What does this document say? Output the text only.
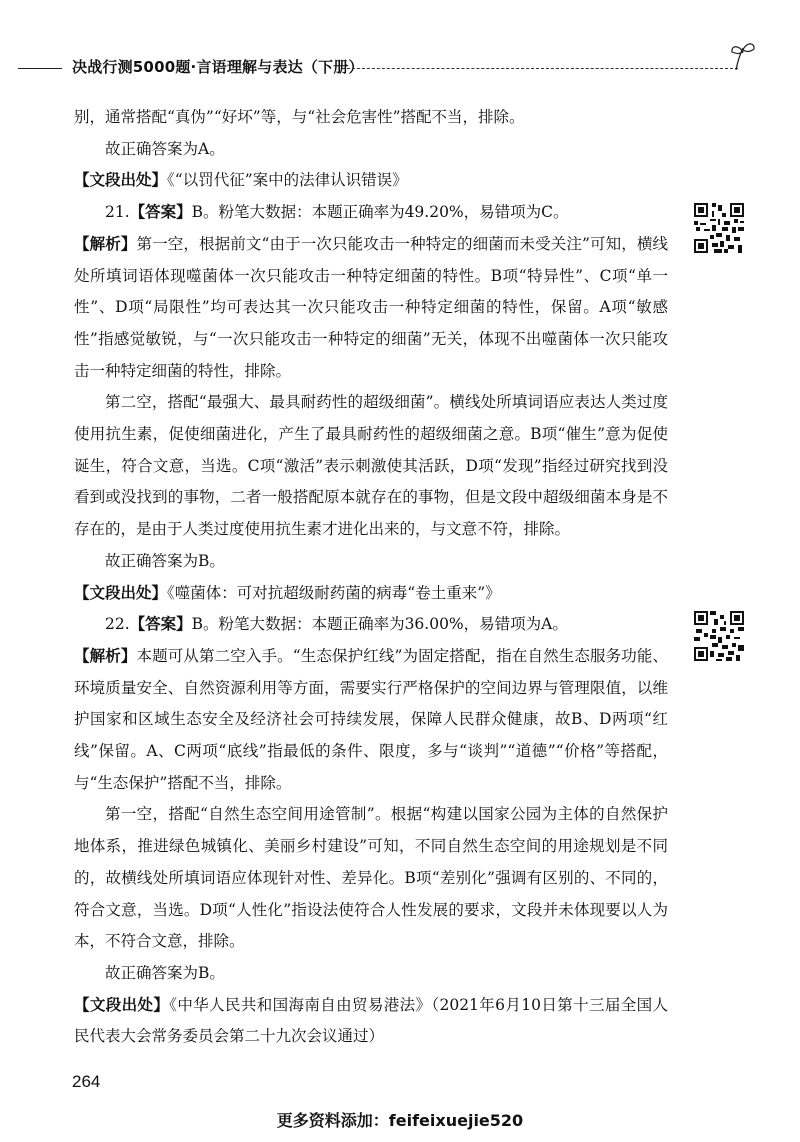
决战行测5000题·言语理解与表达（下册）

别，通常搭配“真伪”“好坏”等，与“社会危害性”搭配不当，排除。

故正确答案为A。

【文段出处】《“以罚代征”案中的法律认识错误》

21.【答案】B。粉笔大数据：本题正确率为49.20%，易错项为C。

【解析】第一空，根据前文“由于一次只能攻击一种特定的细菌而未受关注”可知，横线处所填词语体现噬菌体一次只能攻击一种特定细菌的特性。B项“特异性”、C项“单一性”、D项“局限性”均可表达其一次只能攻击一种特定细菌的特性，保留。A项“敏感性”指感觉敏锐，与“一次只能攻击一种特定的细菌”无关，体现不出噬菌体一次只能攻击一种特定细菌的特性，排除。

第二空，搭配“最强大、最具耐药性的超级细菌”。横线处所填词语应表达人类过度使用抗生素，促使细菌进化，产生了最具耐药性的超级细菌之意。B项“催生”意为促使诞生，符合文意，当选。C项“激活”表示刺激使其活跃，D项“发现”指经过研究找到没看到或没找到的事物，二者一般搭配原本就存在的事物，但是文段中超级细菌本身是不存在的，是由于人类过度使用抗生素才进化出来的，与文意不符，排除。

故正确答案为B。

【文段出处】《噬菌体：可对抗超级耐药菌的病毒“卷土重来”》

22.【答案】B。粉笔大数据：本题正确率为36.00%，易错项为A。

【解析】本题可从第二空入手。“生态保护红线”为固定搭配，指在自然生态服务功能、环境质量安全、自然资源利用等方面，需要实行严格保护的空间边界与管理限值，以维护国家和区域生态安全及经济社会可持续发展，保障人民群众健康，故B、D两项“红线”保留。A、C两项“底线”指最低的条件、限度，多与“谈判”“道德”“价格”等搭配，与“生态保护”搭配不当，排除。

第一空，搭配“自然生态空间用途管制”。根据“构建以国家公园为主体的自然保护地体系，推进绿色城镇化、美丽乡村建设”可知，不同自然生态空间的用途规划是不同的，故横线处所填词语应体现针对性、差异化。B项“差别化”强调有区别的、不同的，符合文意，当选。D项“人性化”指设法使符合人性发展的要求，文段并未体现要以人为本，不符合文意，排除。

故正确答案为B。

【文段出处】《中华人民共和国海南自由贸易港法》（2021年6月10日第十三届全国人民代表大会常务委员会第二十九次会议通过）

264
更多资料添加：feifeixuejie520
